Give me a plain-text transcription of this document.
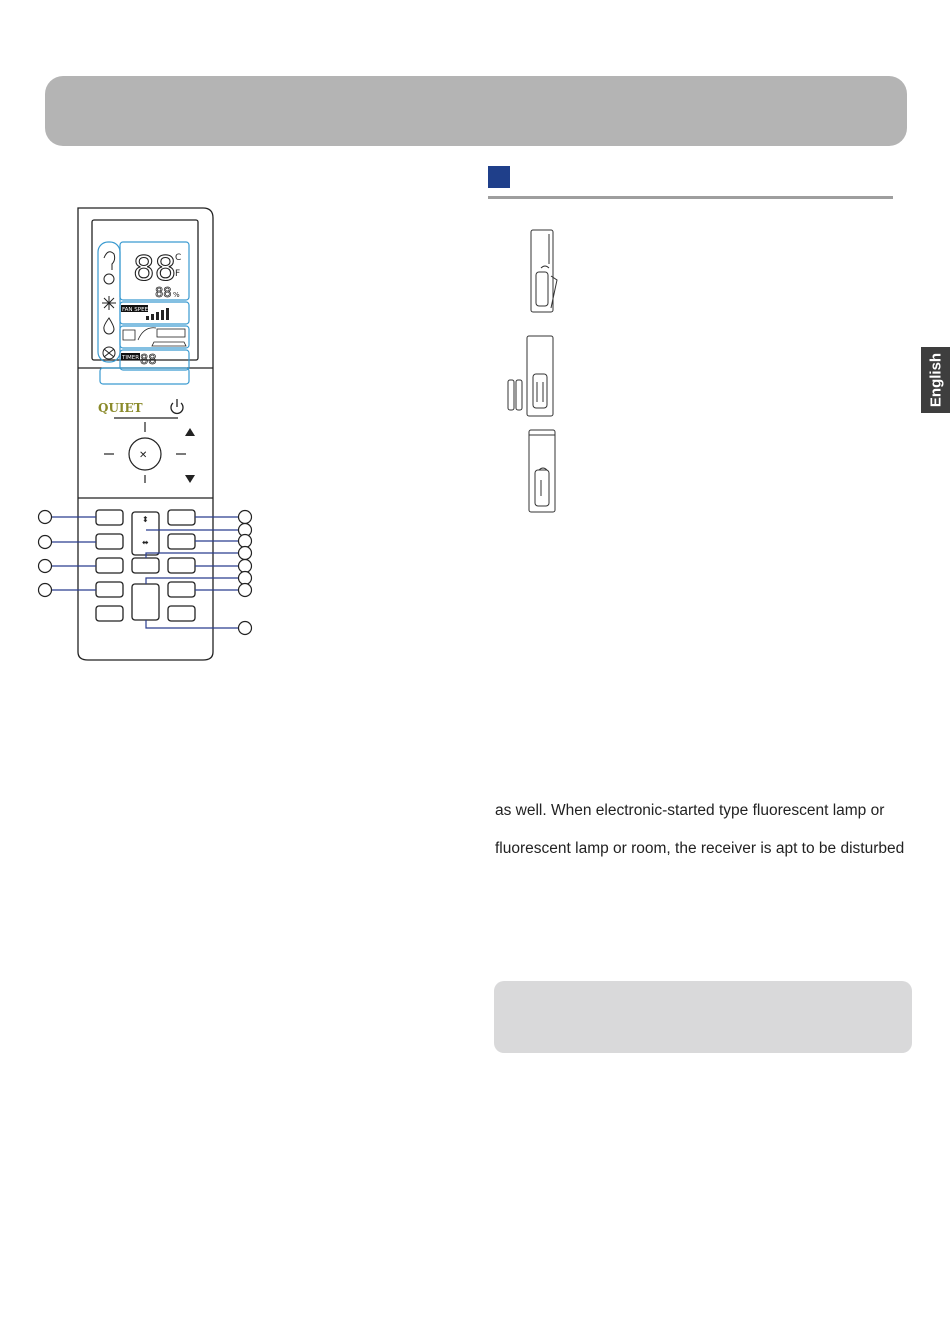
English
88
C
F
88 %
FAN SPEED
TIMER 88
QUIET
✕
⬍
⬌

as well. When electronic-started type fluorescent lamp or

fluorescent lamp or room, the receiver is apt to be disturbed
